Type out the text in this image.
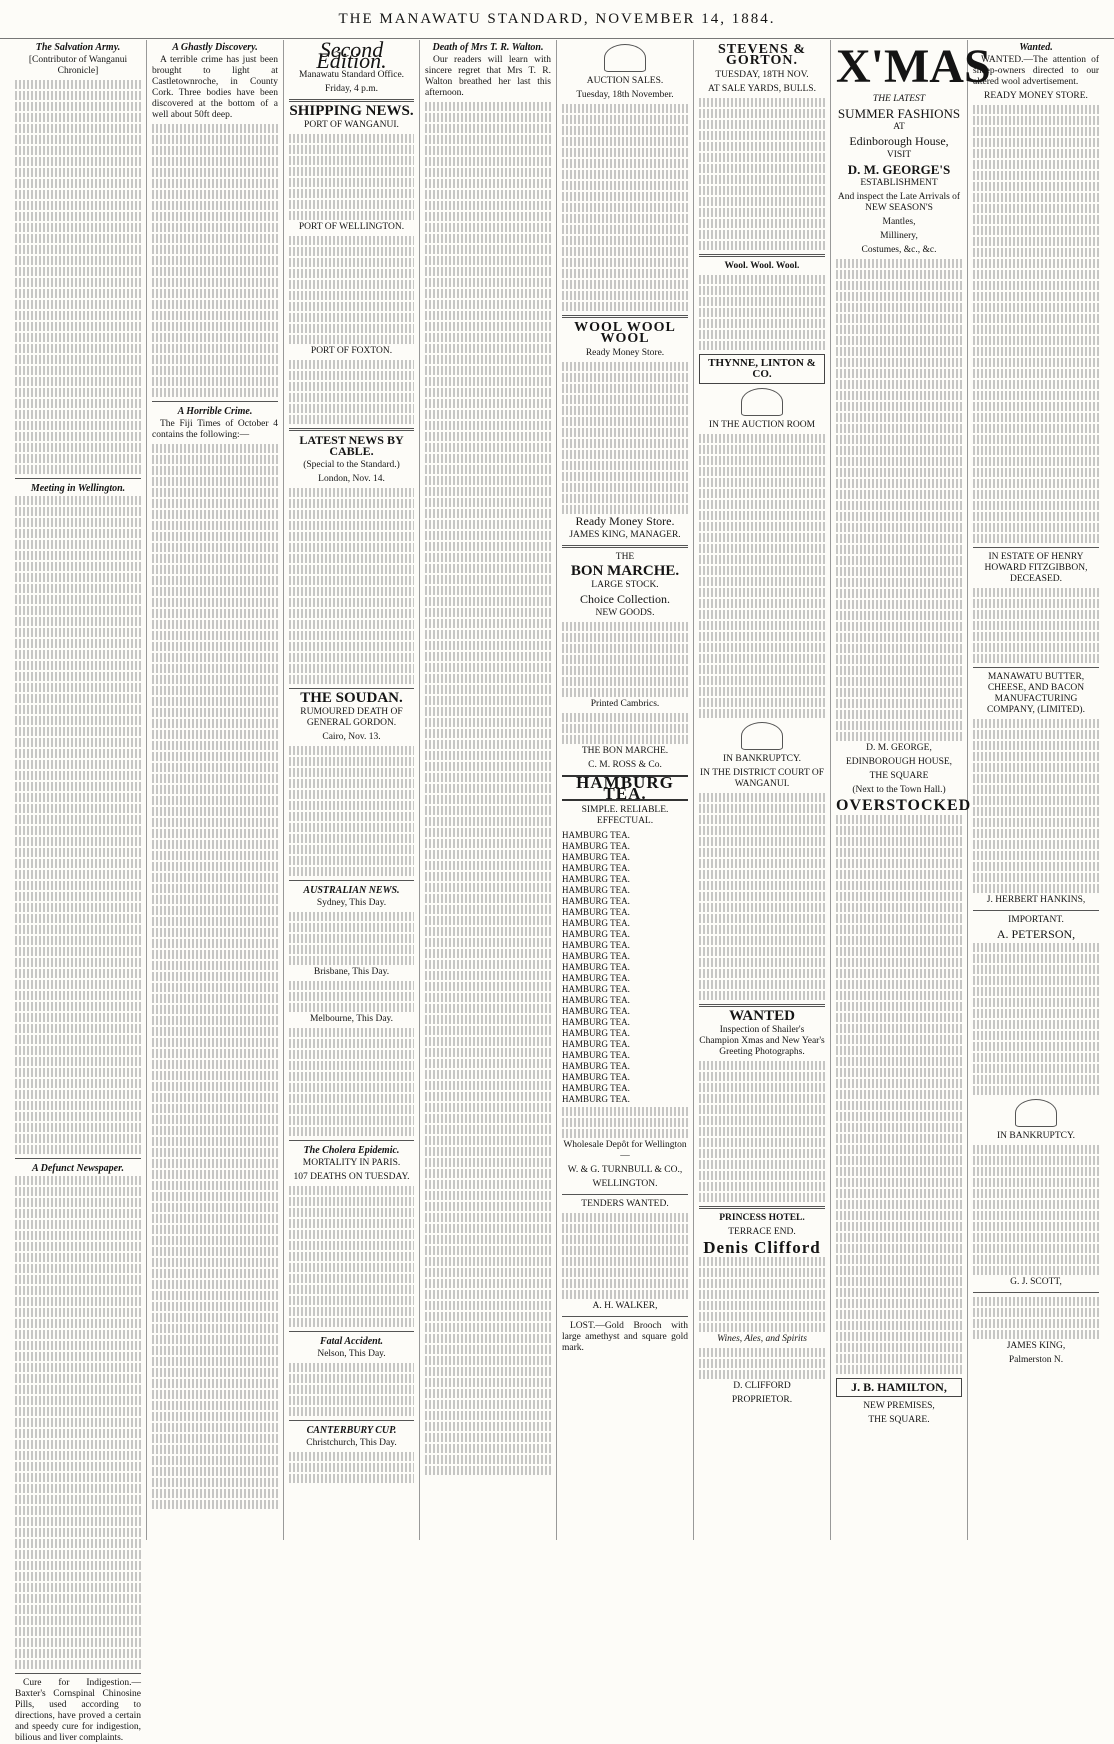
THE MANAWATU STANDARD, NOVEMBER 14, 1884.
The Salvation Army.

[Contributor of Wanganui Chronicle]

Meeting in Wellington.
A Defunct Newspaper.

Cure for Indigestion.—Baxter's Cornspinal Chinosine Pills, used according to directions, have proved a certain and speedy cure for indigestion, bilious and liver complaints.

A Ghastly Discovery.

A terrible crime has just been brought to light at Castletownroche, in County Cork. Three bodies have been discovered at the bottom of a well about 50ft deep.

A Horrible Crime.

The Fiji Times of October 4 contains the following:—

Second Edition.

Manawatu Standard Office.

Friday, 4 p.m.

SHIPPING NEWS.

PORT OF WANGANUI.

PORT OF WELLINGTON.

PORT OF FOXTON.

LATEST NEWS BY CABLE.

(Special to the Standard.)

London, Nov. 14.

THE SOUDAN.

RUMOURED DEATH OF GENERAL GORDON.

Cairo, Nov. 13.

AUSTRALIAN NEWS.

Sydney, This Day.

Brisbane, This Day.

Melbourne, This Day.

The Cholera Epidemic.

MORTALITY IN PARIS.

107 DEATHS ON TUESDAY.

Fatal Accident.

Nelson, This Day.

CANTERBURY CUP.

Christchurch, This Day.

Death of Mrs T. R. Walton.

Our readers will learn with sincere regret that Mrs T. R. Walton breathed her last this afternoon.

AUCTION SALES.

Tuesday, 18th November.

WOOL WOOL WOOL

Ready Money Store.

Ready Money Store.

JAMES KING, MANAGER.

THE

BON MARCHE.

LARGE STOCK.

Choice Collection.

NEW GOODS.

Printed Cambrics.

THE BON MARCHE.

C. M. ROSS & Co.

HAMBURG TEA.

SIMPLE. RELIABLE. EFFECTUAL.

HAMBURG TEA.

HAMBURG TEA.

HAMBURG TEA.

HAMBURG TEA.

HAMBURG TEA.

HAMBURG TEA.

HAMBURG TEA.

HAMBURG TEA.

HAMBURG TEA.

HAMBURG TEA.

HAMBURG TEA.

HAMBURG TEA.

HAMBURG TEA.

HAMBURG TEA.

HAMBURG TEA.

HAMBURG TEA.

HAMBURG TEA.

HAMBURG TEA.

HAMBURG TEA.

HAMBURG TEA.

HAMBURG TEA.

HAMBURG TEA.

HAMBURG TEA.

HAMBURG TEA.

HAMBURG TEA.

Wholesale Depôt for Wellington—

W. & G. TURNBULL & CO.,

WELLINGTON.

TENDERS WANTED.

A. H. WALKER,

LOST.—Gold Brooch with large amethyst and square gold mark.

STEVENS & GORTON.

TUESDAY, 18TH NOV.

AT SALE YARDS, BULLS.

Wool. Wool. Wool.

THYNNE, LINTON & CO.

IN THE AUCTION ROOM

IN BANKRUPTCY.

IN THE DISTRICT COURT OF WANGANUI.

WANTED

Inspection of Shailer's Champion Xmas and New Year's Greeting Photographs.

PRINCESS HOTEL.

TERRACE END.

Denis Clifford

Wines, Ales, and Spirits

D. CLIFFORD

PROPRIETOR.

X'MAS

THE LATEST

SUMMER FASHIONS

AT

Edinborough House,

VISIT

D. M. GEORGE'S

ESTABLISHMENT

And inspect the Late Arrivals of NEW SEASON'S

Mantles,

Millinery,

Costumes, &c., &c.

D. M. GEORGE,

EDINBOROUGH HOUSE,

THE SQUARE

(Next to the Town Hall.)

OVERSTOCKED
J. B. HAMILTON,

NEW PREMISES,

THE SQUARE.

Wanted.

WANTED.—The attention of sheep-owners directed to our altered wool advertisement.

READY MONEY STORE.

IN ESTATE OF HENRY HOWARD FITZGIBBON, DECEASED.

MANAWATU BUTTER, CHEESE, AND BACON MANUFACTURING COMPANY, (LIMITED).

J. HERBERT HANKINS,

IMPORTANT.

A. PETERSON,

IN BANKRUPTCY.

G. J. SCOTT,

JAMES KING,

Palmerston N.
